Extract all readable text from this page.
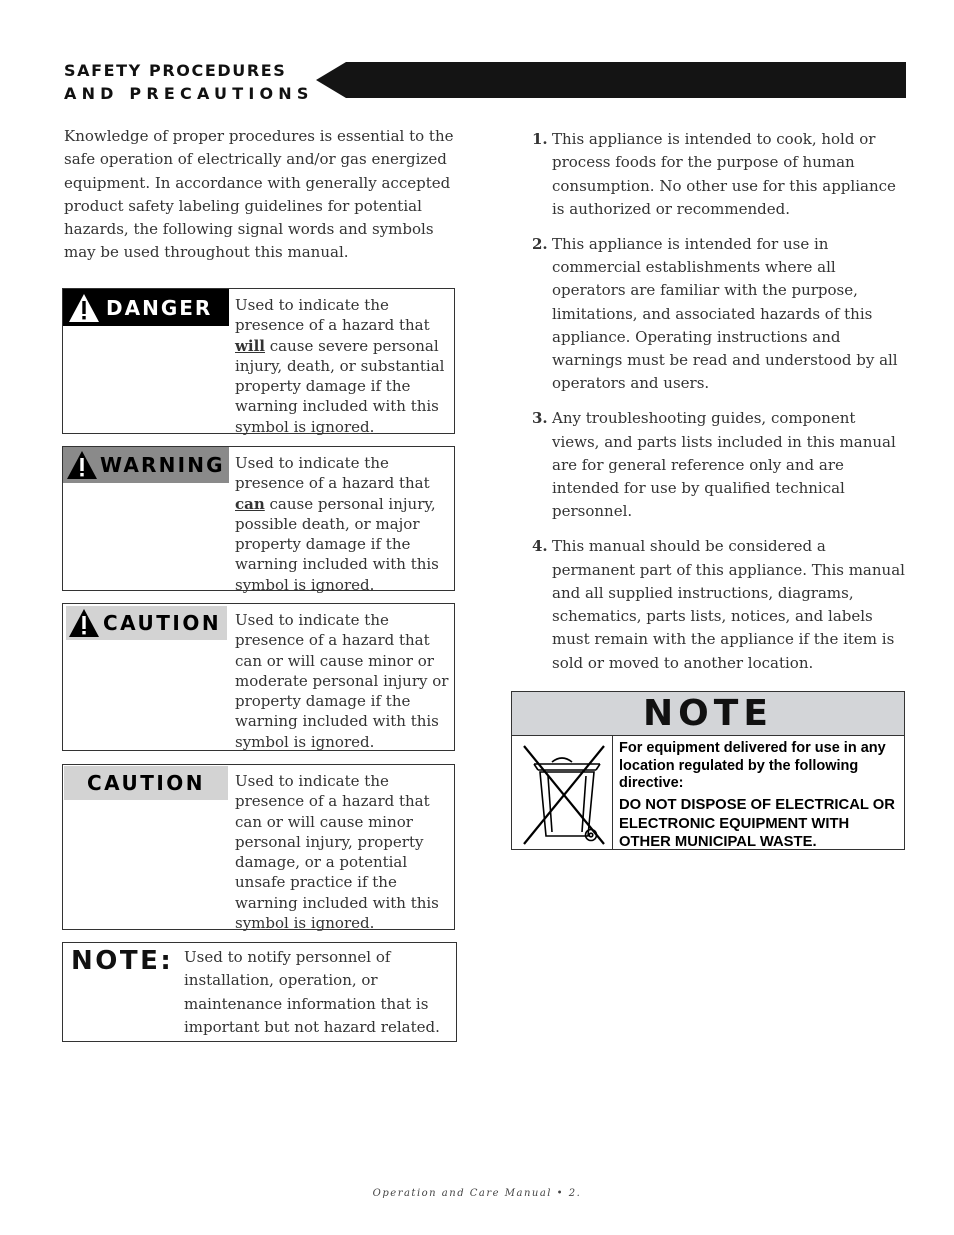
SAFETY PROCEDURES
AND PRECAUTIONS

Knowledge of proper procedures is essential to the safe operation of electrically and/or gas energized equipment. In accordance with generally accepted product safety labeling guidelines for potential hazards, the following signal words and symbols may be used throughout this manual.

DANGER Used to indicate the presence of a hazard that will cause severe personal injury, death, or substantial property damage if the warning included with this symbol is ignored.
WARNING Used to indicate the presence of a hazard that can cause personal injury, possible death, or major property damage if the warning included with this symbol is ignored.
CAUTION Used to indicate the presence of a hazard that can or will cause minor or moderate personal injury or property damage if the warning included with this symbol is ignored.

CAUTION Used to indicate the presence of a hazard that can or will cause minor personal injury, property damage, or a potential unsafe practice if the warning included with this symbol is ignored.

NOTE: Used to notify personnel of installation, operation, or maintenance information that is important but not hazard related.

1. This appliance is intended to cook, hold or process foods for the purpose of human consumption. No other use for this appliance is authorized or recommended.
2. This appliance is intended for use in commercial establishments where all operators are familiar with the purpose, limitations, and associated hazards of this appliance. Operating instructions and warnings must be read and understood by all operators and users.
3. Any troubleshooting guides, component views, and parts lists included in this manual are for general reference only and are intended for use by qualified technical personnel.
4. This manual should be considered a permanent part of this appliance. This manual and all supplied instructions, diagrams, schematics, parts lists, notices, and labels must remain with the appliance if the item is sold or moved to another location.
NOTE

For equipment delivered for use in any location regulated by the following directive:

DO NOT DISPOSE OF ELECTRICAL OR ELECTRONIC EQUIPMENT WITH OTHER MUNICIPAL WASTE.

Operation and Care Manual • 2.
